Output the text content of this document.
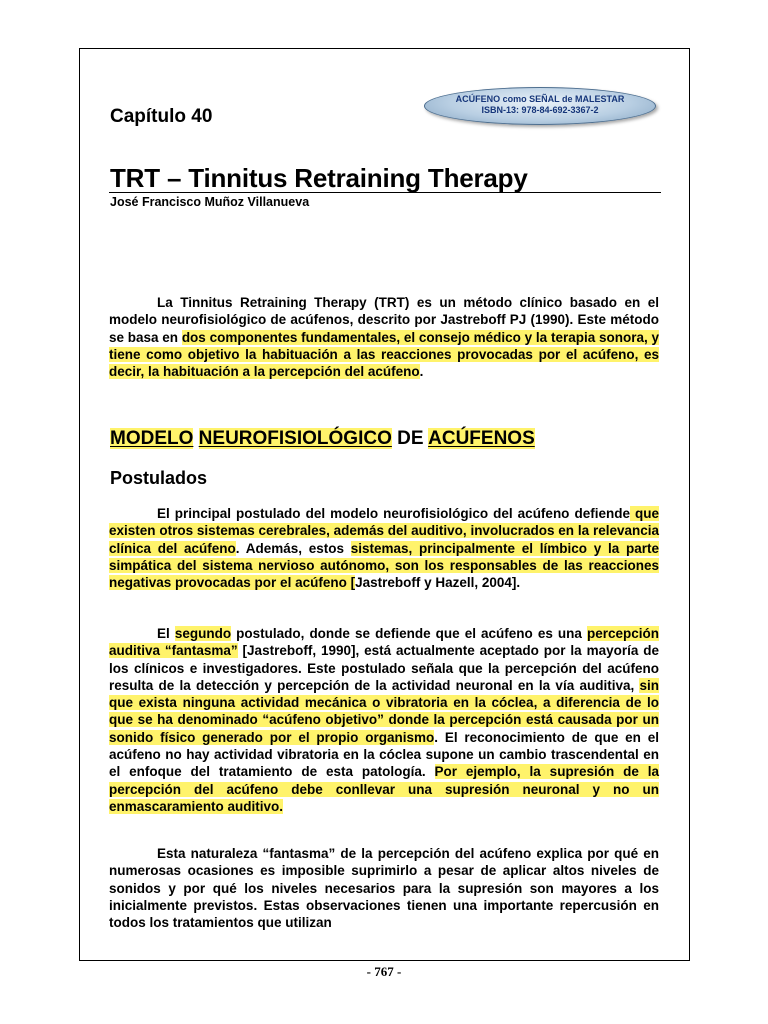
Capítulo 40
ACÚFENO como SEÑAL de MALESTAR
ISBN-13: 978-84-692-3367-2
TRT – Tinnitus Retraining Therapy
José Francisco Muñoz Villanueva

La Tinnitus Retraining Therapy (TRT) es un método clínico basado en el modelo neurofisiológico de acúfenos, descrito por Jastreboff PJ (1990). Este método se basa en dos componentes fundamentales, el consejo médico y la terapia sonora, y tiene como objetivo la habituación a las reacciones provocadas por el acúfeno, es decir, la habituación a la percepción del acúfeno.

MODELO NEUROFISIOLÓGICO DE ACÚFENOS
Postulados

El principal postulado del modelo neurofisiológico del acúfeno defiende que existen otros sistemas cerebrales, además del auditivo, involucrados en la relevancia clínica del acúfeno. Además, estos sistemas, principalmente el límbico y la parte simpática del sistema nervioso autónomo, son los responsables de las reacciones negativas provocadas por el acúfeno [Jastreboff y Hazell, 2004].

El segundo postulado, donde se defiende que el acúfeno es una percepción auditiva “fantasma” [Jastreboff, 1990], está actualmente aceptado por la mayoría de los clínicos e investigadores. Este postulado señala que la percepción del acúfeno resulta de la detección y percepción de la actividad neuronal en la vía auditiva, sin que exista ninguna actividad mecánica o vibratoria en la cóclea, a diferencia de lo que se ha denominado “acúfeno objetivo” donde la percepción está causada por un sonido físico generado por el propio organismo. El reconocimiento de que en el acúfeno no hay actividad vibratoria en la cóclea supone un cambio trascendental en el enfoque del tratamiento de esta patología. Por ejemplo, la supresión de la percepción del acúfeno debe conllevar una supresión neuronal y no un enmascaramiento auditivo.

Esta naturaleza “fantasma” de la percepción del acúfeno explica por qué en numerosas ocasiones es imposible suprimirlo a pesar de aplicar altos niveles de sonidos y por qué los niveles necesarios para la supresión son mayores a los inicialmente previstos. Estas observaciones tienen una importante repercusión en todos los tratamientos que utilizan

- 767 -
